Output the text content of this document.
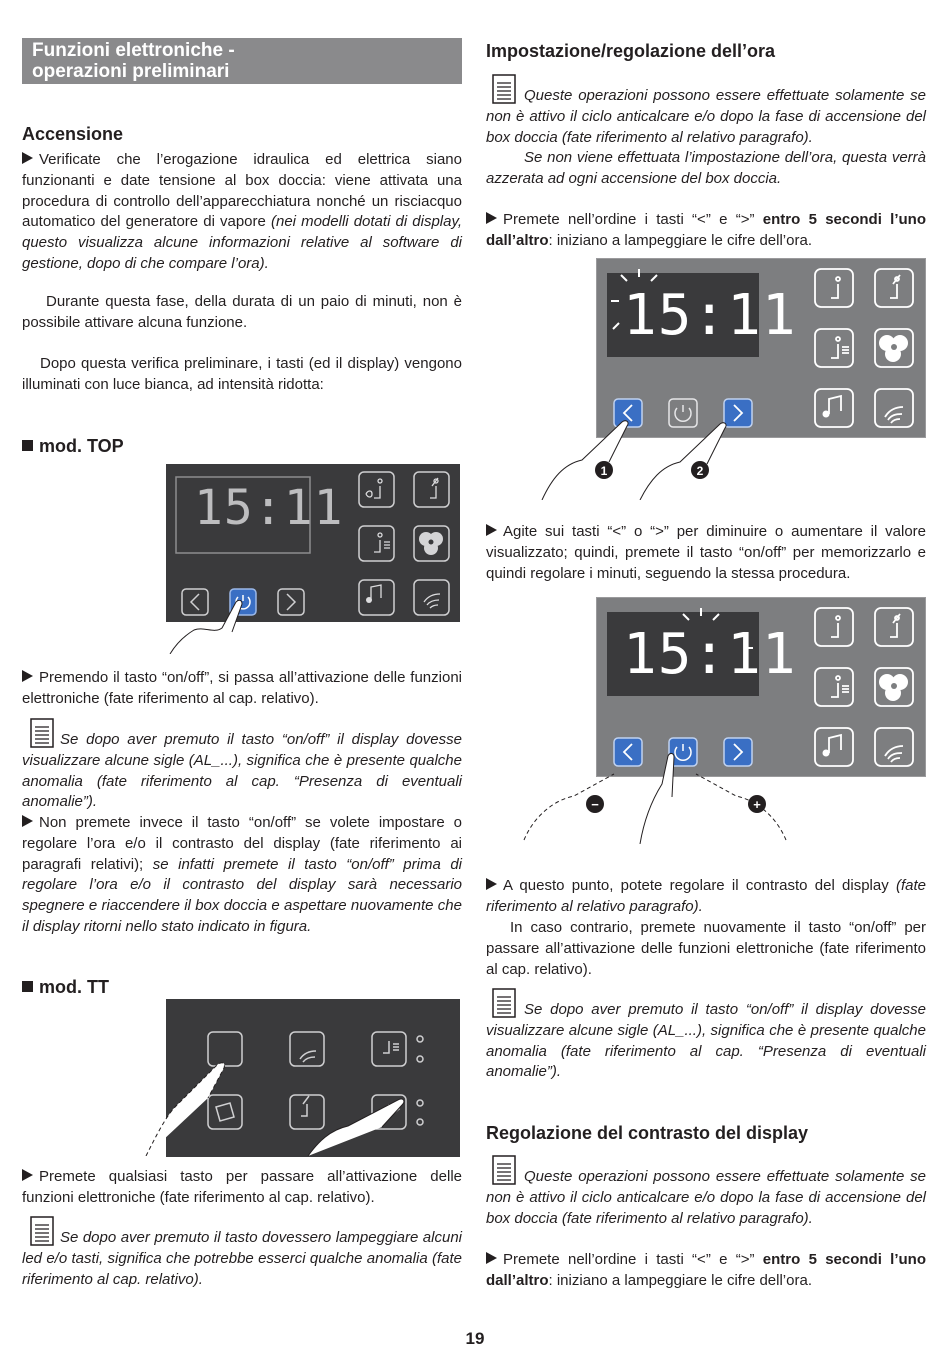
Funzioni elettroniche -
operazioni preliminari
Accensione

Verificate che l’erogazione idraulica ed elettrica siano funzionanti e date tensione al box doccia: viene attivata una procedura di controllo dell’apparecchiatura nonché un risciacquo automatico del generatore di vapore (nei modelli dotati di display, questo visualizza alcune informazioni relative al software di gestione, dopo di che compare l’ora).

Durante questa fase, della durata di un paio di minuti, non è possibile attivare alcuna funzione.

Dopo questa verifica preliminare, i tasti (ed il display) vengono illuminati con luce bianca, ad intensità ridotta:

mod. TOP
15:11

Premendo il tasto “on/off”, si passa all’attivazione delle funzioni elettroniche (fate riferimento al cap. relativo).

Se dopo aver premuto il tasto “on/off” il display dovesse visualizzare alcune sigle (AL_...), significa che è presente qualche anomalia (fate riferimento al cap. “Presenza di eventuali anomalie”).

Non premete invece il tasto “on/off” se volete impostare o regolare l’ora e/o il contrasto del display (fate riferimento ai paragrafi relativi); se infatti premete il tasto “on/off” prima di regolare l’ora e/o il contrasto del display sarà necessario spegnere e riaccendere il box doccia e aspettare nuovamente che il display ritorni nello stato indicato in figura.

mod. TT

Premete qualsiasi tasto per passare all’attivazione delle funzioni elettroniche (fate riferimento al cap. relativo).

Se dopo aver premuto il tasto dovessero lampeggiare alcuni led e/o tasti, significa che potrebbe esserci qualche anomalia (fate riferimento al cap. relativo).

Impostazione/regolazione dell’ora

Queste operazioni possono essere effettuate solamente se non è attivo il ciclo anticalcare e/o dopo la fase di accensione del box doccia (fate riferimento al relativo paragrafo).

Se non viene effettuata l’impostazione dell’ora, questa verrà azzerata ad ogni accensione del box doccia.

Premete nell’ordine i tasti “<” e “>” entro 5 secondi l’uno dall’altro: iniziano a lampeggiare le cifre dell’ora.

15:11
1	2

Agite sui tasti “<” o “>” per diminuire o aumentare il valore visualizzato; quindi, premete il tasto “on/off” per memorizzarlo e quindi regolare i minuti, seguendo la stessa procedura.

15:11
−	+

A questo punto, potete regolare il contrasto del display (fate riferimento al relativo paragrafo).

In caso contrario, premete nuovamente il tasto “on/off” per passare all’attivazione delle funzioni elettroniche (fate riferimento al cap. relativo).

Se dopo aver premuto il tasto “on/off” il display dovesse visualizzare alcune sigle (AL_...), significa che è presente qualche anomalia (fate riferimento al cap. “Presenza di eventuali anomalie”).

Regolazione del contrasto del display

Queste operazioni possono essere effettuate solamente se non è attivo il ciclo anticalcare e/o dopo la fase di accensione del box doccia (fate riferimento al relativo paragrafo).

Premete nell’ordine i tasti “<” e “>” entro 5 secondi l’uno dall’altro: iniziano a lampeggiare le cifre dell’ora.

19
